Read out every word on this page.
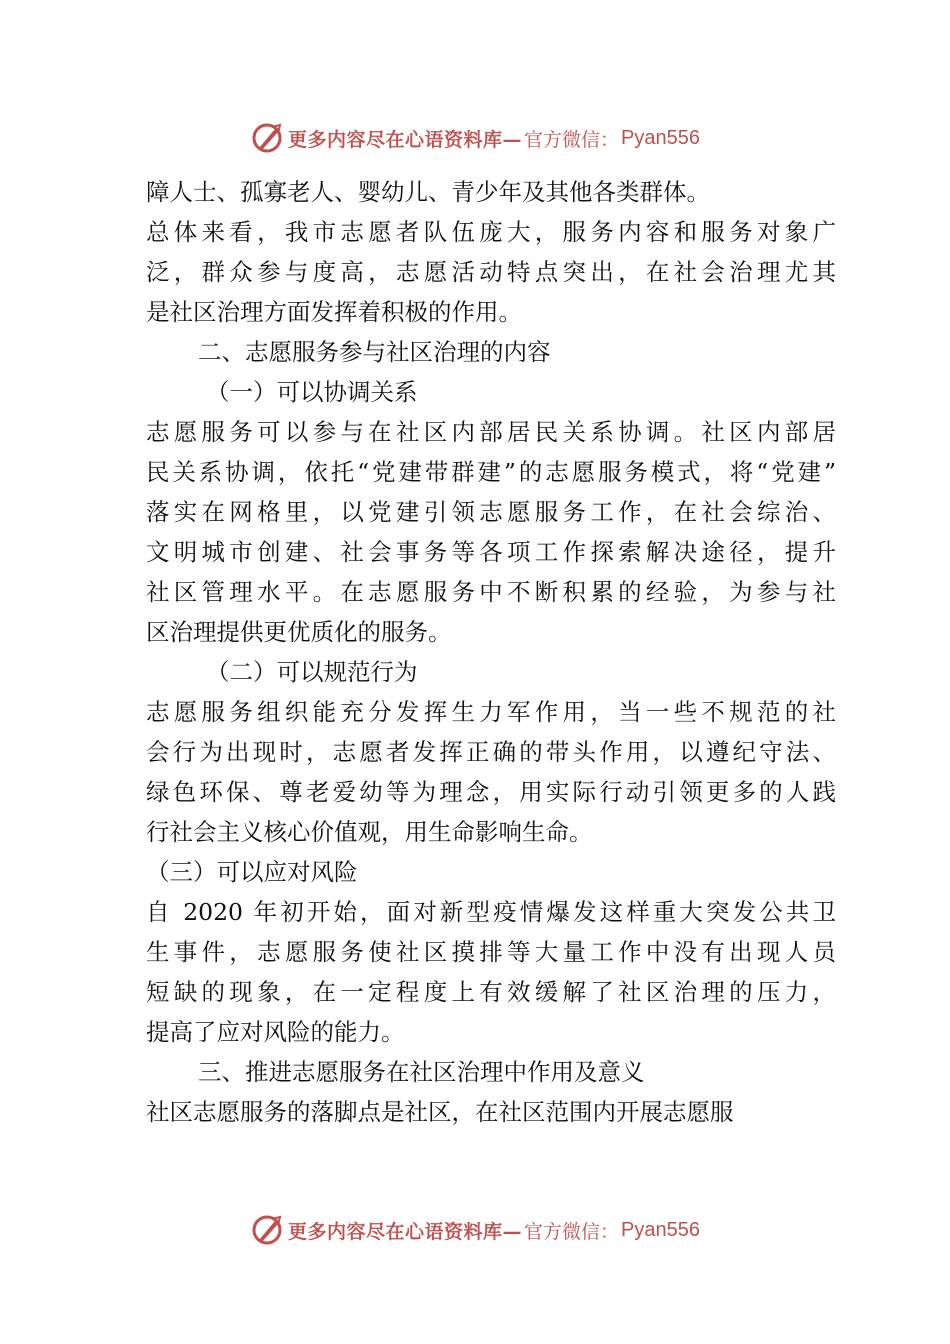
更多内容尽在心语资料库— 官方微信： Pyan556
障人士、孤寡老人、婴幼儿、青少年及其他各类群体。
总体来看，我市志愿者队伍庞大，服务内容和服务对象广
泛，群众参与度高，志愿活动特点突出，在社会治理尤其
是社区治理方面发挥着积极的作用。
二、志愿服务参与社区治理的内容
（一）可以协调关系
志愿服务可以参与在社区内部居民关系协调。社区内部居
民关系协调，依托“党建带群建”的志愿服务模式，将“党建”
落实在网格里，以党建引领志愿服务工作，在社会综治、
文明城市创建、社会事务等各项工作探索解决途径，提升
社区管理水平。在志愿服务中不断积累的经验，为参与社
区治理提供更优质化的服务。
（二）可以规范行为
志愿服务组织能充分发挥生力军作用，当一些不规范的社
会行为出现时，志愿者发挥正确的带头作用，以遵纪守法、
绿色环保、尊老爱幼等为理念，用实际行动引领更多的人践
行社会主义核心价值观，用生命影响生命。
（三）可以应对风险
自 2020 年初开始，面对新型疫情爆发这样重大突发公共卫
生事件，志愿服务使社区摸排等大量工作中没有出现人员
短缺的现象，在一定程度上有效缓解了社区治理的压力，
提高了应对风险的能力。
三、推进志愿服务在社区治理中作用及意义
社区志愿服务的落脚点是社区，在社区范围内开展志愿服
更多内容尽在心语资料库— 官方微信： Pyan556
